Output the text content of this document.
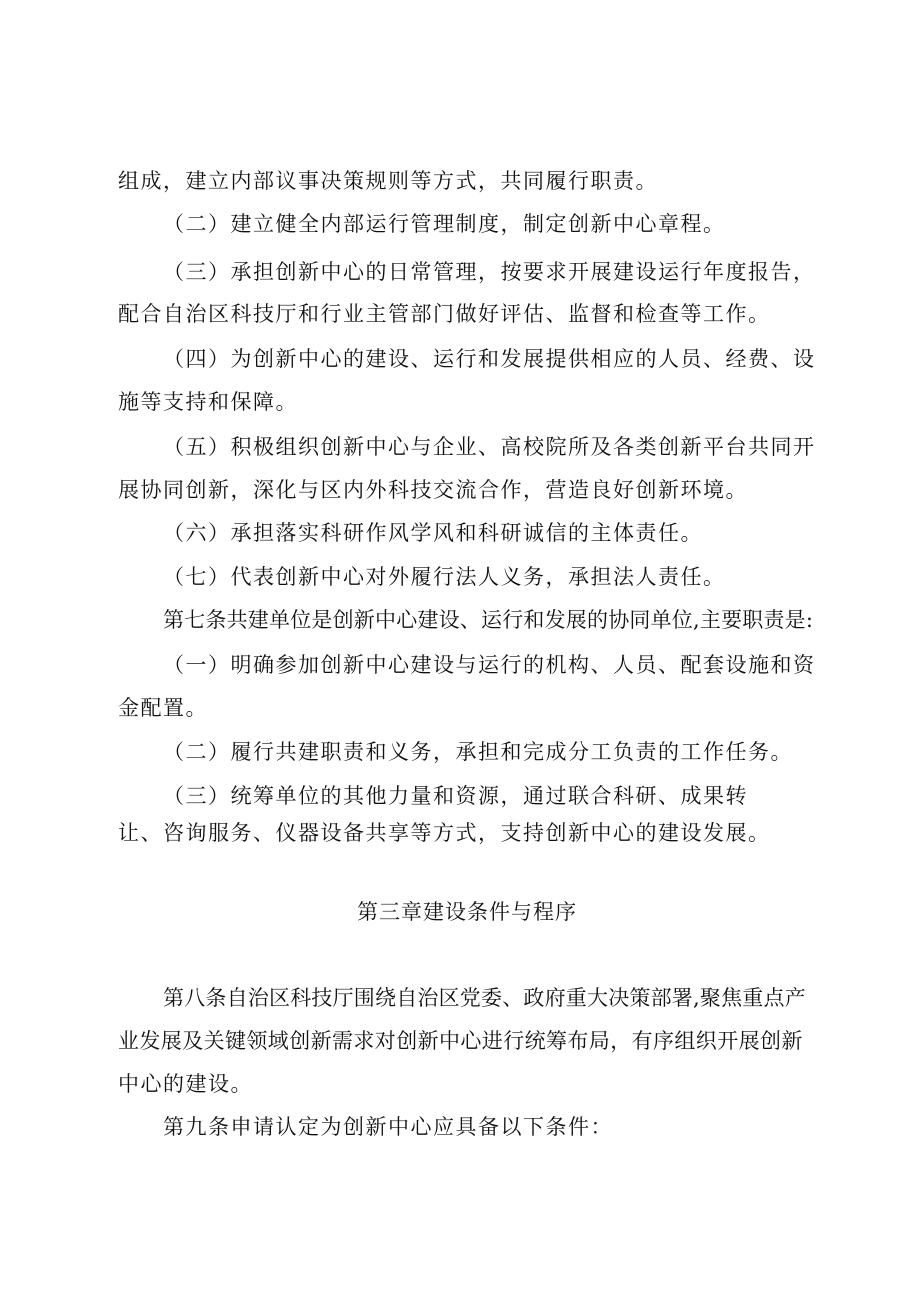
组成，建立内部议事决策规则等方式，共同履行职责。
（二）建立健全内部运行管理制度，制定创新中心章程。
（三）承担创新中心的日常管理，按要求开展建设运行年度报告，
配合自治区科技厅和行业主管部门做好评估、监督和检查等工作。
（四）为创新中心的建设、运行和发展提供相应的人员、经费、设
施等支持和保障。
（五）积极组织创新中心与企业、高校院所及各类创新平台共同开
展协同创新，深化与区内外科技交流合作，营造良好创新环境。
（六）承担落实科研作风学风和科研诚信的主体责任。
（七）代表创新中心对外履行法人义务，承担法人责任。
第七条共建单位是创新中心建设、运行和发展的协同单位,主要职责是:
（一）明确参加创新中心建设与运行的机构、人员、配套设施和资
金配置。
（二）履行共建职责和义务，承担和完成分工负责的工作任务。
（三）统筹单位的其他力量和资源，通过联合科研、成果转
让、咨询服务、仪器设备共享等方式，支持创新中心的建设发展。
第三章建设条件与程序
第八条自治区科技厅围绕自治区党委、政府重大决策部署,聚焦重点产
业发展及关键领域创新需求对创新中心进行统筹布局，有序组织开展创新
中心的建设。
第九条申请认定为创新中心应具备以下条件：
